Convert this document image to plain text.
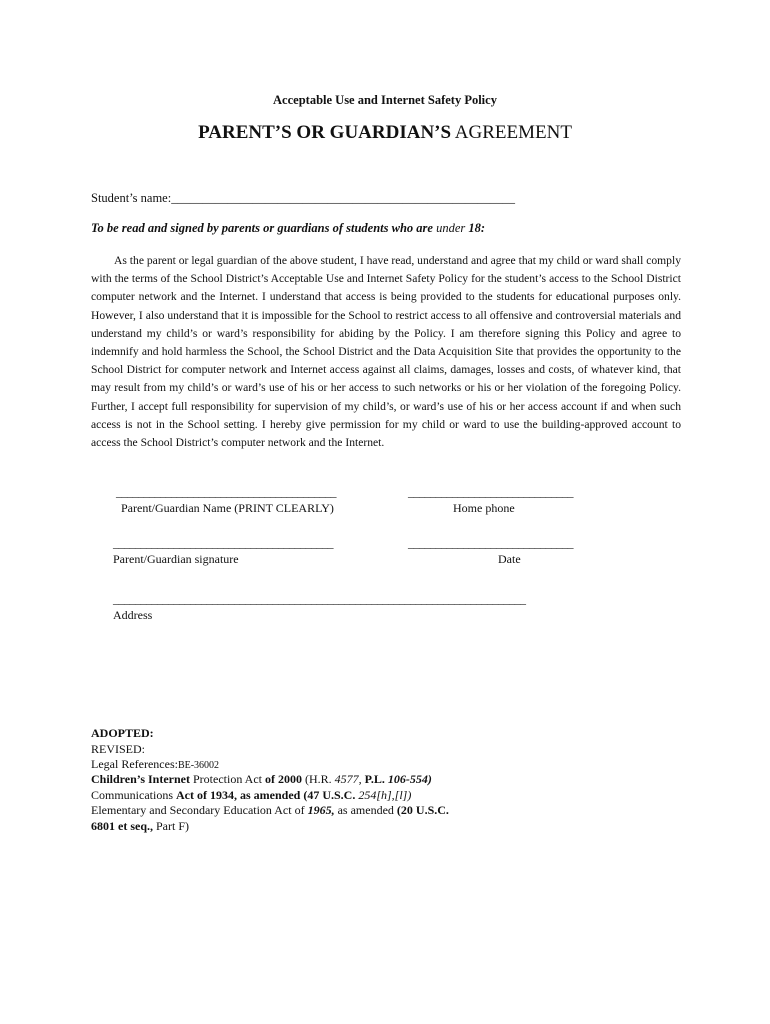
Acceptable Use and Internet Safety Policy
PARENT’S OR GUARDIAN’S AGREEMENT
Student’s name:_______________________________________________________
To be read and signed by parents or guardians of students who are under 18:
As the parent or legal guardian of the above student, I have read, understand and agree that my child or ward shall comply with the terms of the School District’s Acceptable Use and Internet Safety Policy for the student’s access to the School District computer network and the Internet. I understand that access is being provided to the students for educational purposes only. However, I also understand that it is impossible for the School to restrict access to all offensive and controversial materials and understand my child’s or ward’s responsibility for abiding by the Policy. I am therefore signing this Policy and agree to indemnify and hold harmless the School, the School District and the Data Acquisition Site that provides the opportunity to the School District for computer network and Internet access against all claims, damages, losses and costs, of whatever kind, that may result from my child’s or ward’s use of his or her access to such networks or his or her violation of the foregoing Policy. Further, I accept full responsibility for supervision of my child’s, or ward’s use of his or her access account if and when such access is not in the School setting. I hereby give permission for my child or ward to use the building-approved account to access the School District’s computer network and the Internet.
________________________________________	______________________________
Parent/Guardian Name (PRINT CLEARLY)	Home phone
________________________________________	______________________________
Parent/Guardian signature	Date
___________________________________________________________________________
Address
ADOPTED:
REVISED:
Legal References:BE-36002
Children’s Internet Protection Act of 2000 (H.R. 4577, P.L. 106-554)
Communications Act of 1934, as amended (47 U.S.C. 254[h],[l])
Elementary and Secondary Education Act of 1965, as amended (20 U.S.C.
6801 et seq., Part F)
